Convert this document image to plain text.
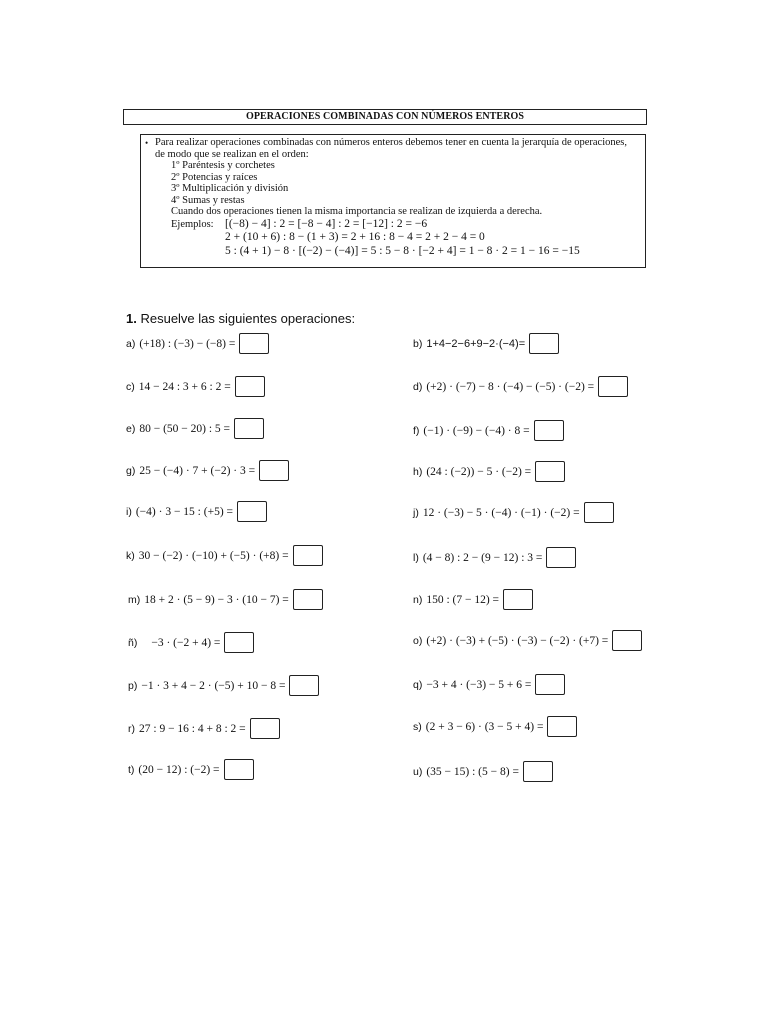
OPERACIONES COMBINADAS CON NÚMEROS ENTEROS
• Para realizar operaciones combinadas con números enteros debemos tener en cuenta la jerarquía de operaciones,
de modo que se realizan en el orden:
1º Paréntesis y corchetes
2º Potencias y raíces
3º Multiplicación y división
4º Sumas y restas
Cuando dos operaciones tienen la misma importancia se realizan de izquierda a derecha.
Ejemplos: [(−8) − 4] : 2 = [−8 − 4] : 2 = [−12] : 2 = −6
2 + (10 + 6) : 8 − (1 + 3) = 2 + 16 : 8 − 4 = 2 + 2 − 4 = 0
5 : (4 + 1) − 8 · [(−2) − (−4)] = 5 : 5 − 8 · [−2 + 4] = 1 − 8 · 2 = 1 − 16 = −15
1. Resuelve las siguientes operaciones:
a) (+18) : (−3) − (−8) =
c) 14 − 24 : 3 + 6 : 2 =
e) 80 − (50 − 20) : 5 =
g) 25 − (−4) · 7 + (−2) · 3 =
i) (−4) · 3 − 15 : (+5) =
k) 30 − (−2) · (−10) + (−5) · (+8) =
m) 18 + 2 · (5 − 9) − 3 · (10 − 7) =
ñ) −3 · (−2 + 4) =
p) −1 · 3 + 4 − 2 · (−5) + 10 − 8 =
r) 27 : 9 − 16 : 4 + 8 : 2 =
t) (20 − 12) : (−2) =
b) 1+4−2−6+9−2·(−4)=
d) (+2) · (−7) − 8 · (−4) − (−5) · (−2) =
f) (−1) · (−9) − (−4) · 8 =
h) (24 : (−2)) − 5 · (−2) =
j) 12 · (−3) − 5 · (−4) · (−1) · (−2) =
l) (4 − 8) : 2 − (9 − 12) : 3 =
n) 150 : (7 − 12) =
o) (+2) · (−3) + (−5) · (−3) − (−2) · (+7) =
q) −3 + 4 · (−3) − 5 + 6 =
s) (2 + 3 − 6) · (3 − 5 + 4) =
u) (35 − 15) : (5 − 8) =
